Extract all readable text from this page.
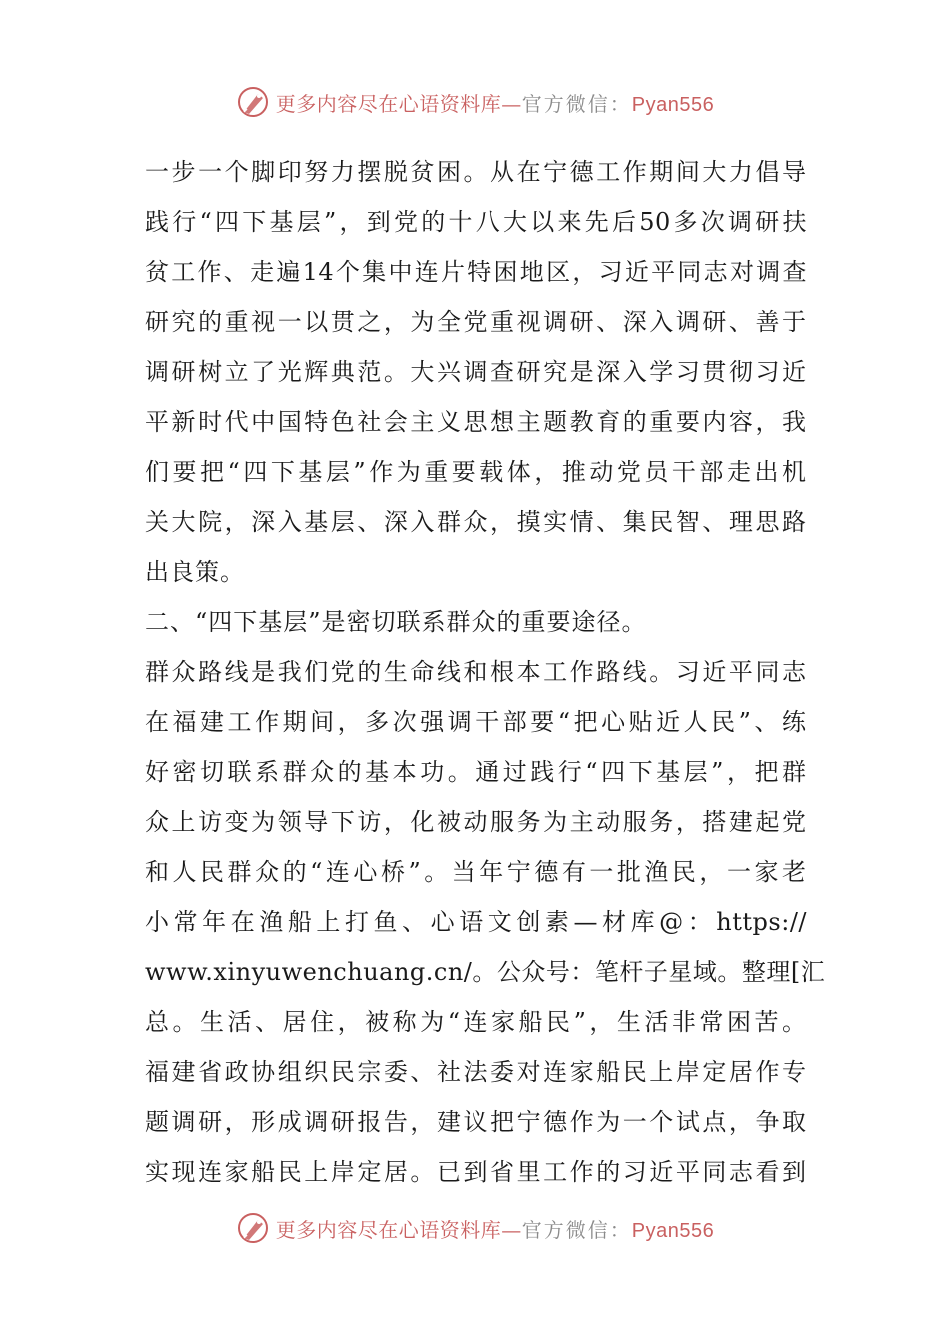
更多内容尽在心语资料库—官方微信：Pyan556
一步一个脚印努力摆脱贫困。从在宁德工作期间大力倡导
践行“四下基层”，到党的十八大以来先后50多次调研扶
贫工作、走遍14个集中连片特困地区，习近平同志对调查
研究的重视一以贯之，为全党重视调研、深入调研、善于
调研树立了光辉典范。大兴调查研究是深入学习贯彻习近
平新时代中国特色社会主义思想主题教育的重要内容，我
们要把“四下基层”作为重要载体，推动党员干部走出机
关大院，深入基层、深入群众，摸实情、集民智、理思路
出良策。
二、“四下基层”是密切联系群众的重要途径。
群众路线是我们党的生命线和根本工作路线。习近平同志
在福建工作期间，多次强调干部要“把心贴近人民”、练
好密切联系群众的基本功。通过践行“四下基层”，把群
众上访变为领导下访，化被动服务为主动服务，搭建起党
和人民群众的“连心桥”。当年宁德有一批渔民，一家老
小常年在渔船上打鱼、心语文创素—材库@：https://
www.xinyuwenchuang.cn/。公众号：笔杆子星域。整理[汇
总。生活、居住，被称为“连家船民”，生活非常困苦。
福建省政协组织民宗委、社法委对连家船民上岸定居作专
题调研，形成调研报告，建议把宁德作为一个试点，争取
实现连家船民上岸定居。已到省里工作的习近平同志看到
更多内容尽在心语资料库—官方微信：Pyan556
